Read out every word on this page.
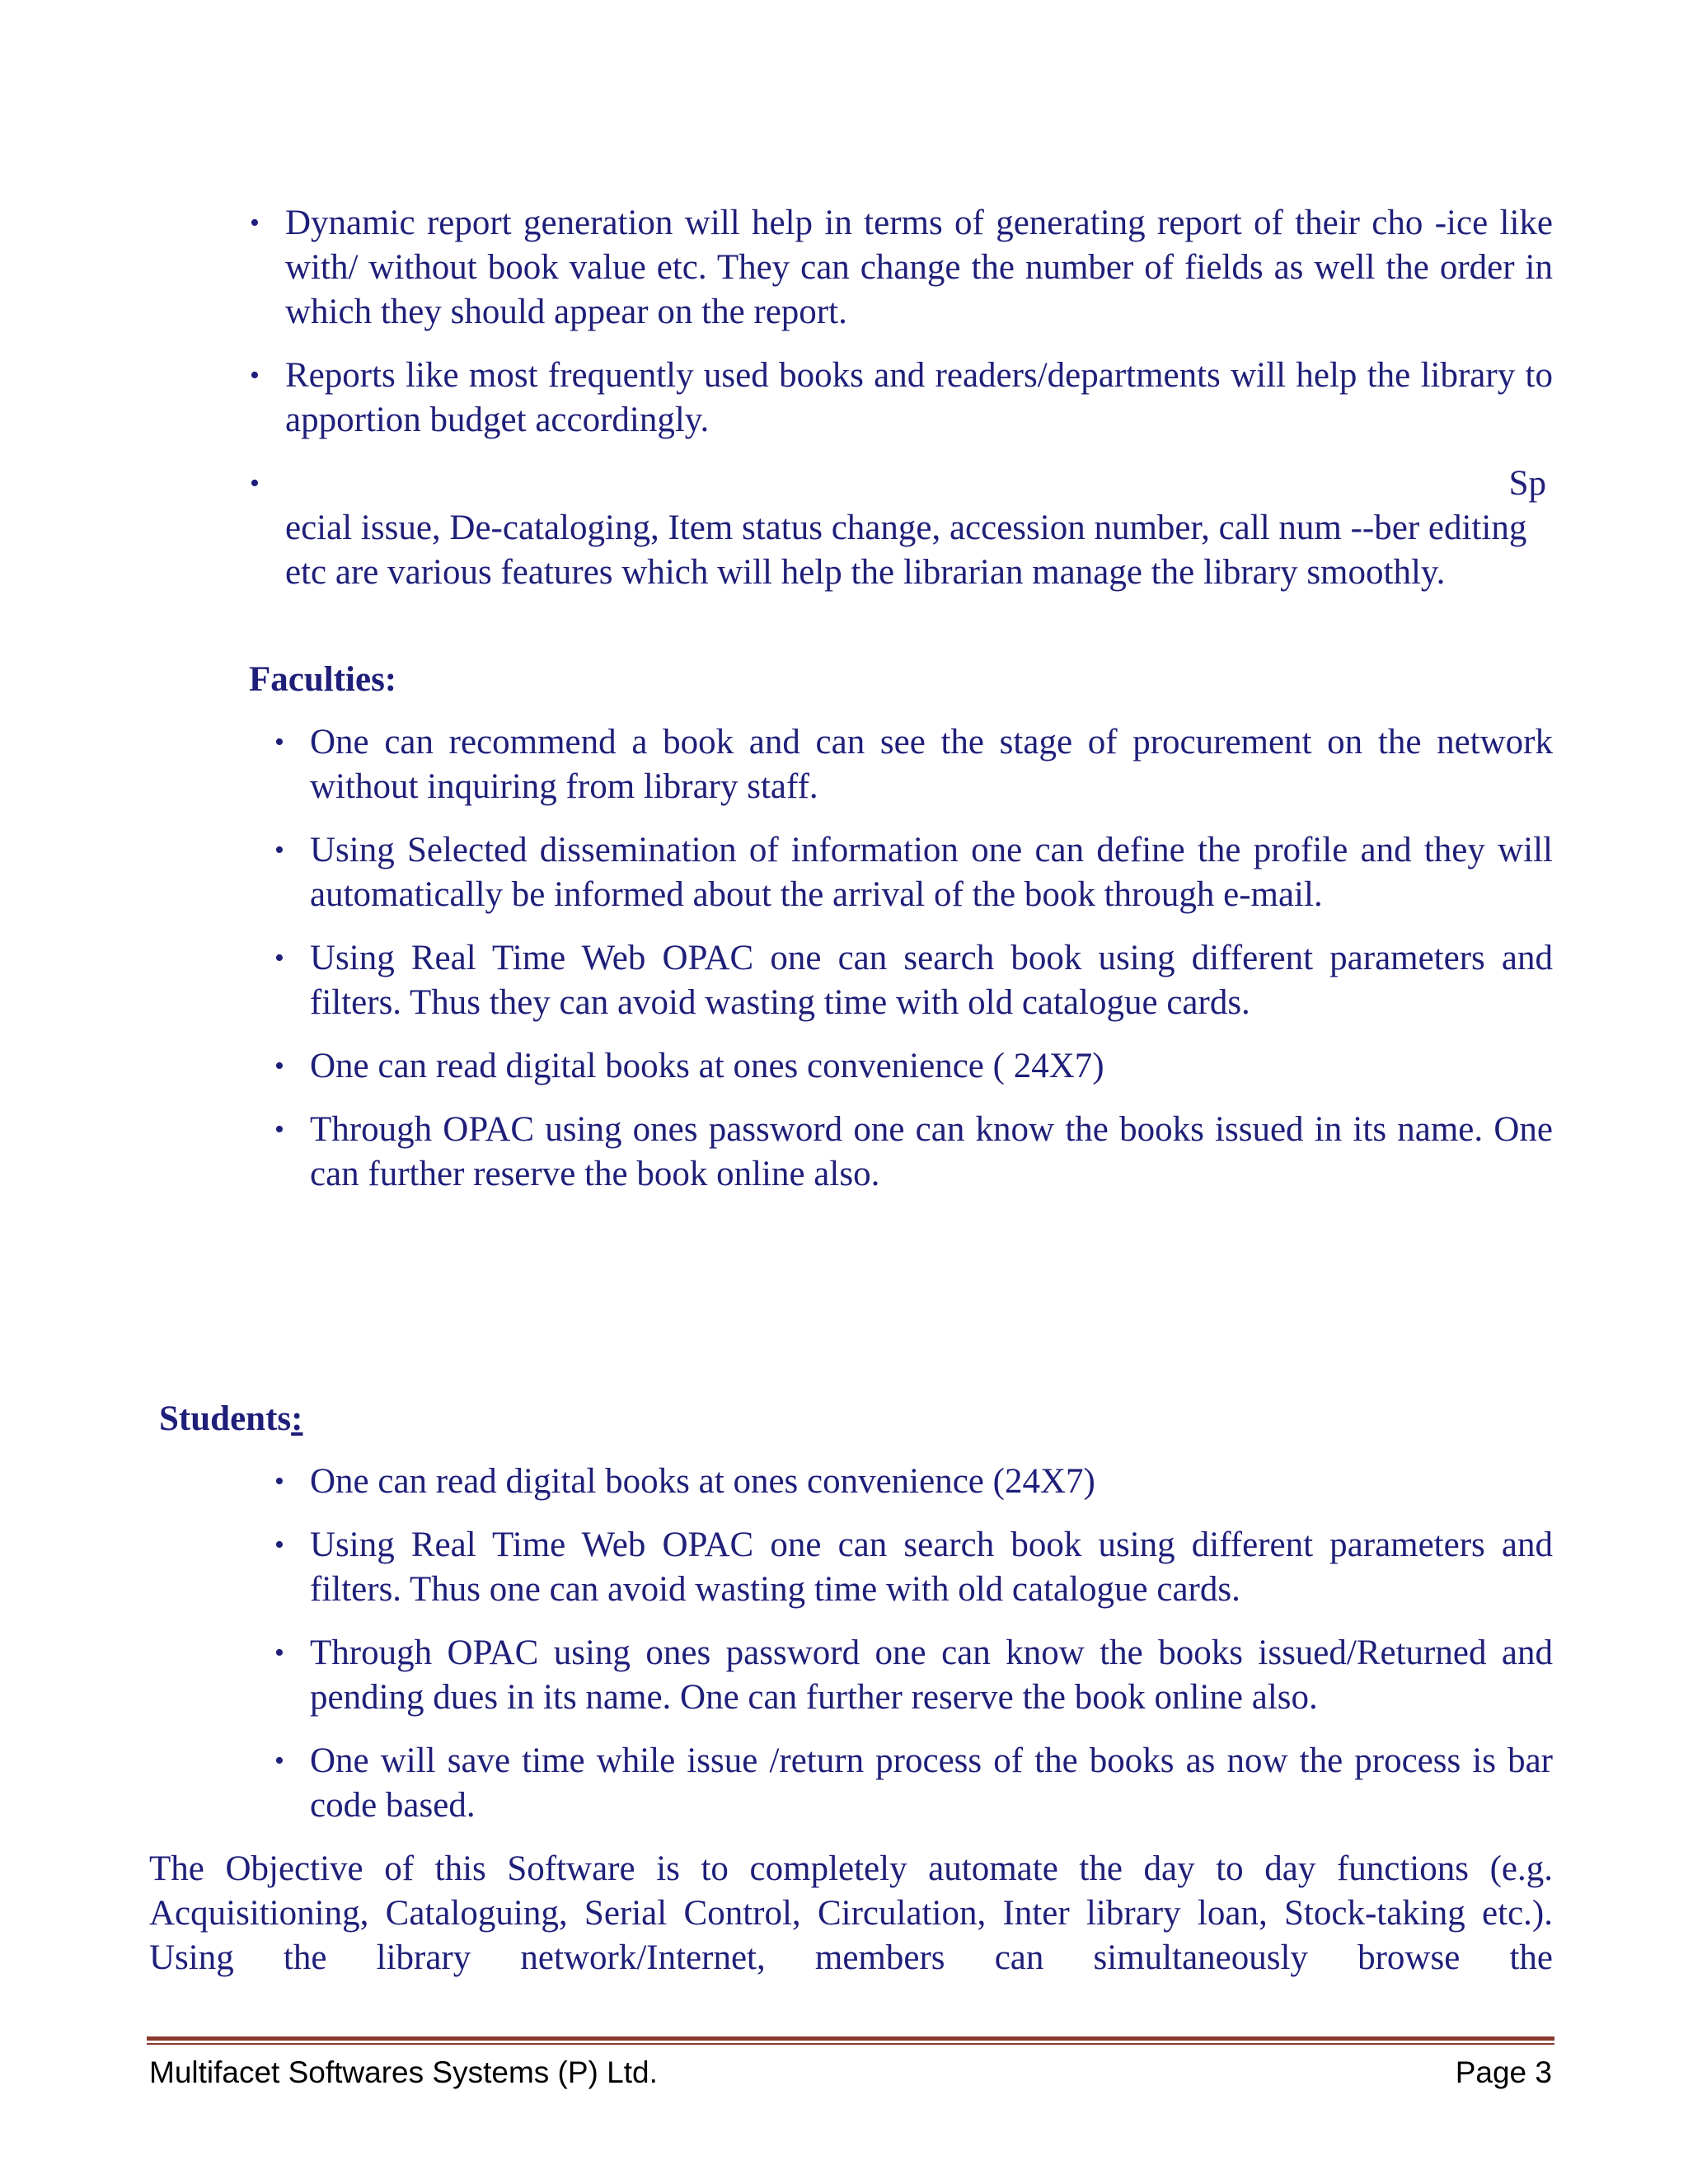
• Dynamic report generation will help in terms of generating report of their cho -ice like with/ without book value etc. They can change the number of fields as well the order in which they should appear on the report.
• Reports like most frequently used books and readers/departments will help the library to apportion budget accordingly.
•	Sp
ecial issue, De-cataloging, Item status change, accession number, call num --ber editing etc are various features which will help the librarian manage the library smoothly.
Faculties:
• One can recommend a book and can see the stage of procurement on the network without inquiring from library staff.
• Using Selected dissemination of information one can define the profile and they will automatically be informed about the arrival of the book through e-mail.
• Using Real Time Web OPAC one can search book using different parameters and filters. Thus they can avoid wasting time with old catalogue cards.
• One can read digital books at ones convenience ( 24X7)
• Through OPAC using ones password one can know the books issued in its name. One can further reserve the book online also.
Students:
• One can read digital books at ones convenience (24X7)
• Using Real Time Web OPAC one can search book using different parameters and filters. Thus one can avoid wasting time with old catalogue cards.
• Through OPAC using ones password one can know the books issued/Returned and pending dues in its name. One can further reserve the book online also.
• One will save time while issue /return process of the books as now the process is bar code based.

The Objective of this Software is to completely automate the day to day functions (e.g. Acquisitioning, Cataloguing, Serial Control, Circulation, Inter library loan, Stock-taking etc.). Using the library network/Internet, members can simultaneously browse the

Multifacet Softwares Systems (P) Ltd.	Page 3
